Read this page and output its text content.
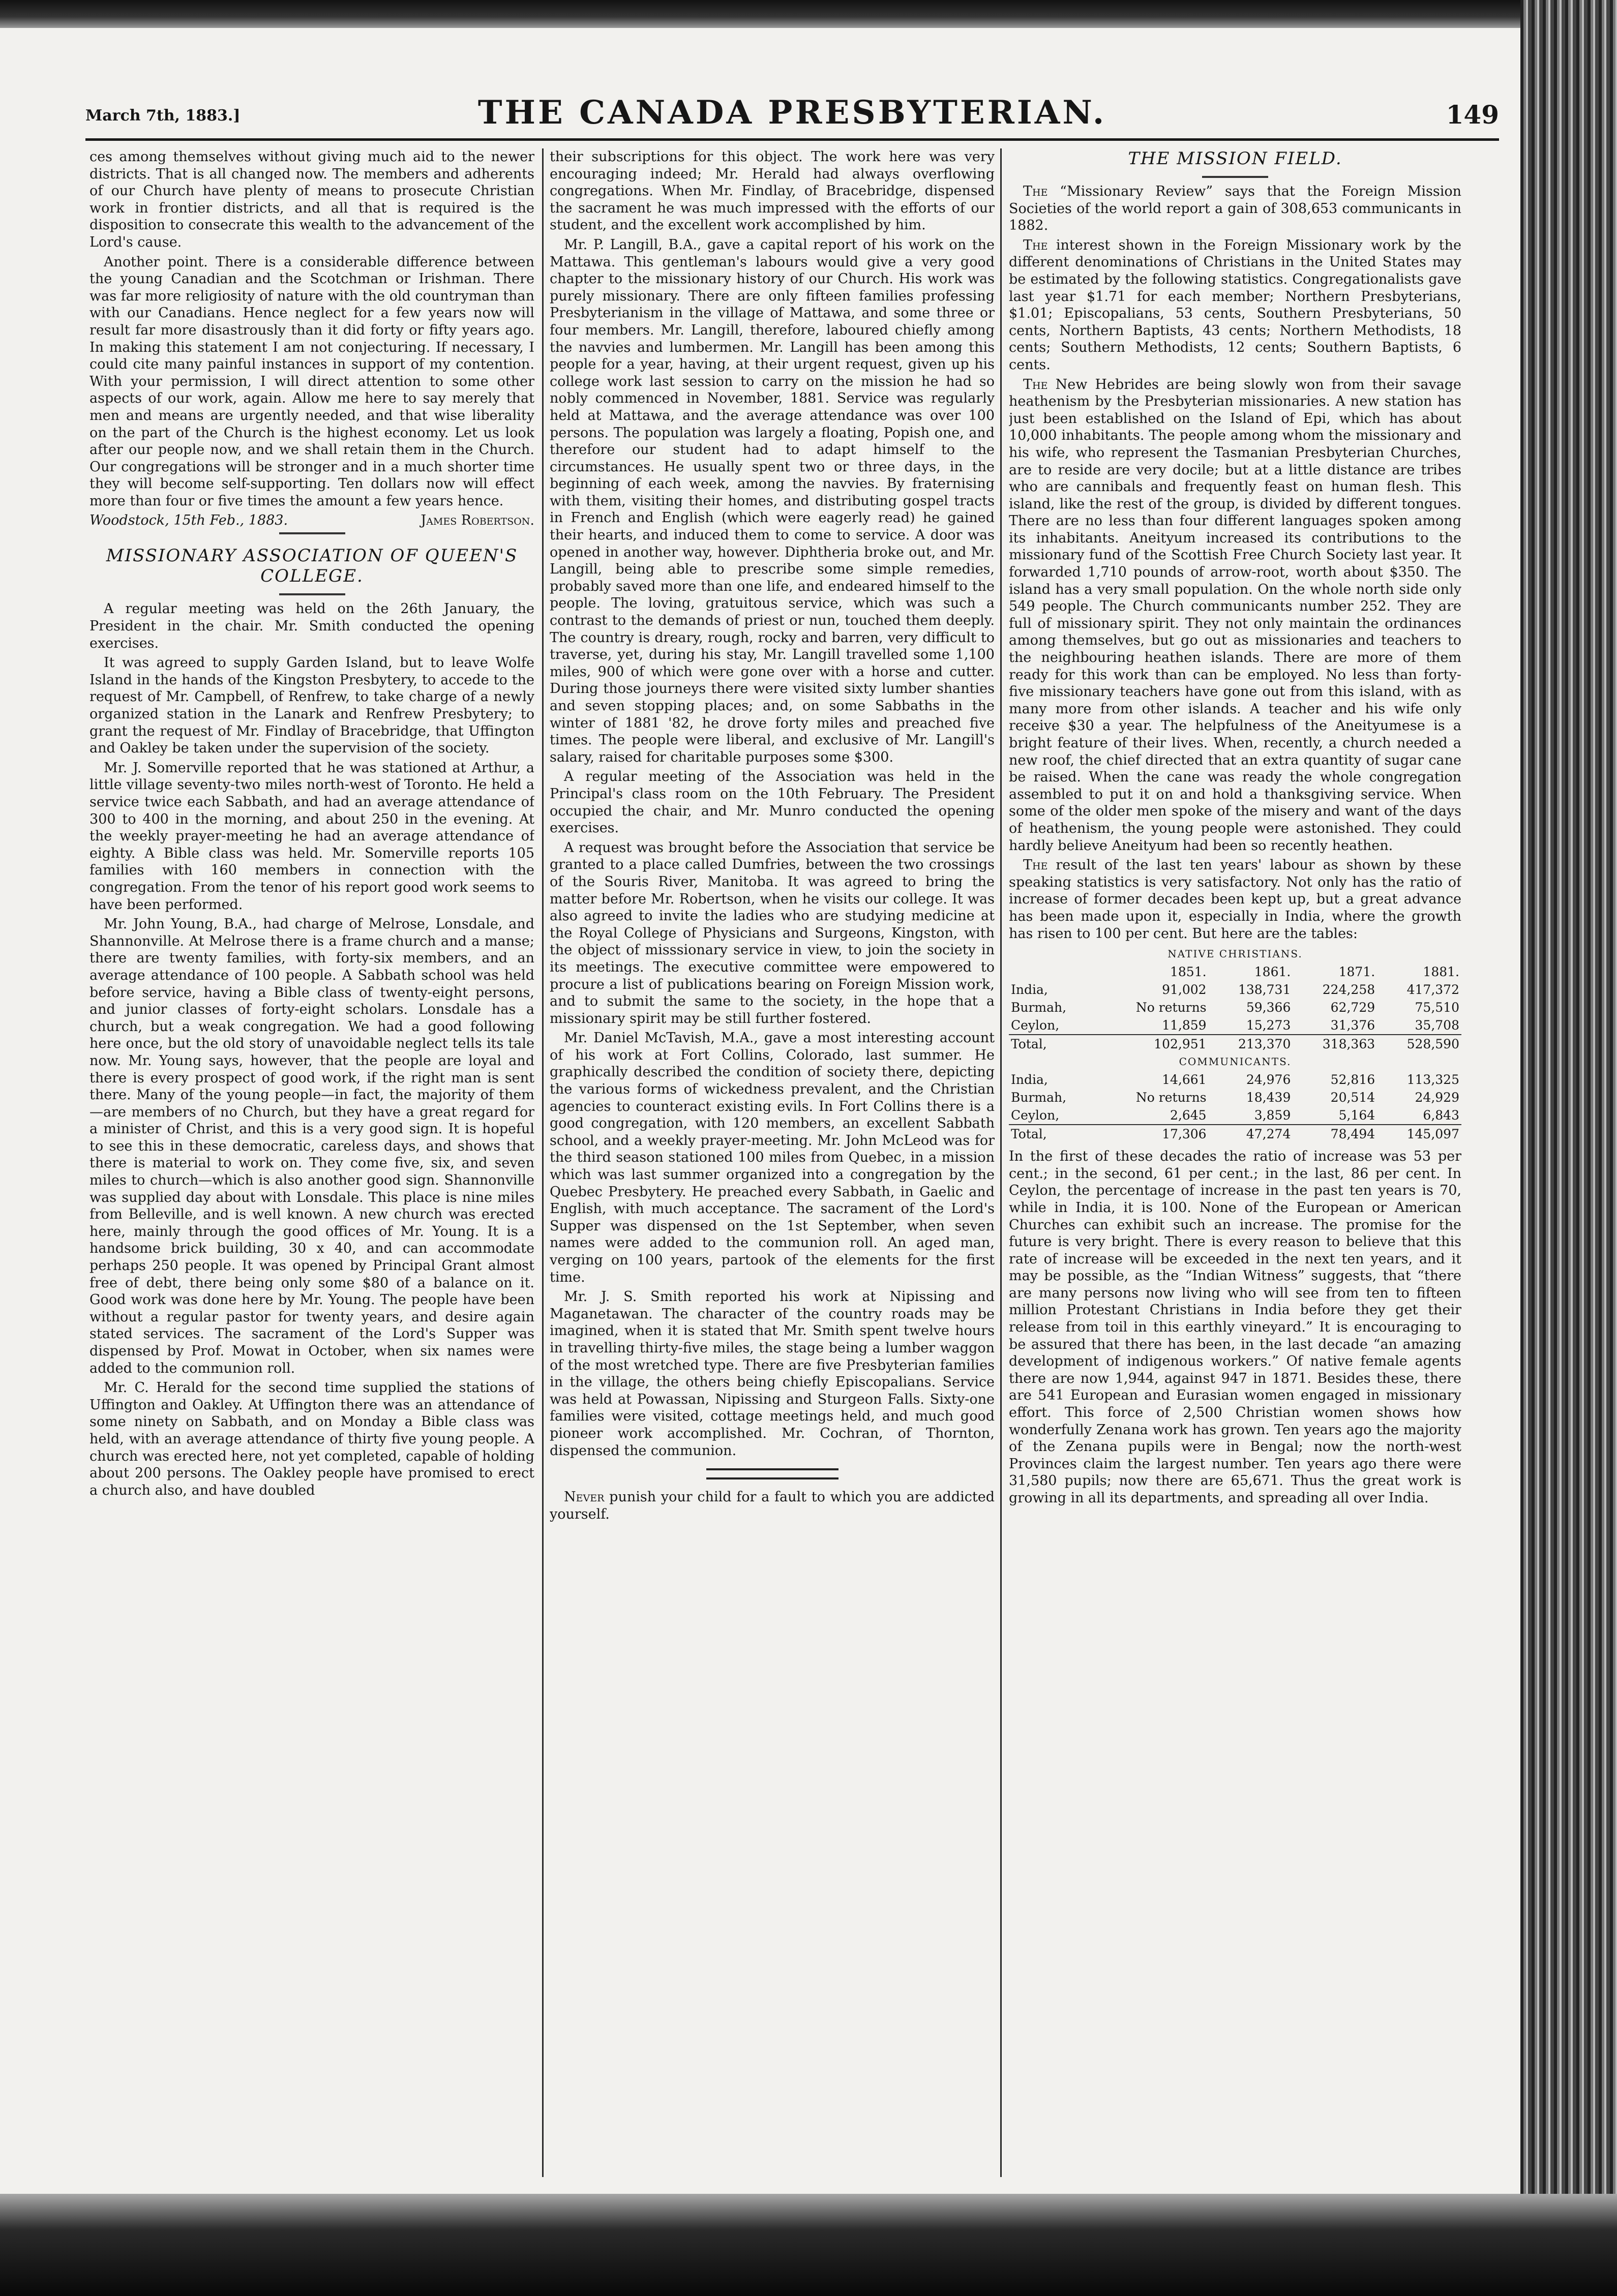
March 7th, 1883.]	THE CANADA PRESBYTERIAN.	149

ces among themselves without giving much aid to the newer districts. That is all changed now. The members and adherents of our Church have plenty of means to prosecute Christian work in frontier districts, and all that is required is the disposition to consecrate this wealth to the advancement of the Lord's cause.

Another point. There is a considerable difference between the young Canadian and the Scotchman or Irishman. There was far more religiosity of nature with the old countryman than with our Canadians. Hence neglect for a few years now will result far more disastrously than it did forty or fifty years ago. In making this statement I am not conjecturing. If necessary, I could cite many painful instances in support of my contention. With your permission, I will direct attention to some other aspects of our work, again. Allow me here to say merely that men and means are urgently needed, and that wise liberality on the part of the Church is the highest economy. Let us look after our people now, and we shall retain them in the Church. Our congregations will be stronger and in a much shorter time they will become self-supporting. Ten dollars now will effect more than four or five times the amount a few years hence.

Woodstock, 15th Feb., 1883.	James Robertson.
MISSIONARY ASSOCIATION OF QUEEN'S COLLEGE.

A regular meeting was held on the 26th January, the President in the chair. Mr. Smith conducted the opening exercises.

It was agreed to supply Garden Island, but to leave Wolfe Island in the hands of the Kingston Presbytery, to accede to the request of Mr. Campbell, of Renfrew, to take charge of a newly organized station in the Lanark and Renfrew Presbytery; to grant the request of Mr. Findlay of Bracebridge, that Uffington and Oakley be taken under the supervision of the society.

Mr. J. Somerville reported that he was stationed at Arthur, a little village seventy-two miles north-west of Toronto. He held a service twice each Sabbath, and had an average attendance of 300 to 400 in the morning, and about 250 in the evening. At the weekly prayer-meeting he had an average attendance of eighty. A Bible class was held. Mr. Somerville reports 105 families with 160 members in connection with the congregation. From the tenor of his report good work seems to have been performed.

Mr. John Young, B.A., had charge of Melrose, Lonsdale, and Shannonville. At Melrose there is a frame church and a manse; there are twenty families, with forty-six members, and an average attendance of 100 people. A Sabbath school was held before service, having a Bible class of twenty-eight persons, and junior classes of forty-eight scholars. Lonsdale has a church, but a weak congregation. We had a good following here once, but the old story of unavoidable neglect tells its tale now. Mr. Young says, however, that the people are loyal and there is every prospect of good work, if the right man is sent there. Many of the young people—in fact, the majority of them—are members of no Church, but they have a great regard for a minister of Christ, and this is a very good sign. It is hopeful to see this in these democratic, careless days, and shows that there is material to work on. They come five, six, and seven miles to church—which is also another good sign. Shannonville was supplied day about with Lonsdale. This place is nine miles from Belleville, and is well known. A new church was erected here, mainly through the good offices of Mr. Young. It is a handsome brick building, 30 x 40, and can accommodate perhaps 250 people. It was opened by Principal Grant almost free of debt, there being only some $80 of a balance on it. Good work was done here by Mr. Young. The people have been without a regular pastor for twenty years, and desire again stated services. The sacrament of the Lord's Supper was dispensed by Prof. Mowat in October, when six names were added to the communion roll.

Mr. C. Herald for the second time supplied the stations of Uffington and Oakley. At Uffington there was an attendance of some ninety on Sabbath, and on Monday a Bible class was held, with an average attendance of thirty five young people. A church was erected here, not yet completed, capable of holding about 200 persons. The Oakley people have promised to erect a church also, and have doubled

their subscriptions for this object. The work here was very encouraging indeed; Mr. Herald had always overflowing congregations. When Mr. Findlay, of Bracebridge, dispensed the sacrament he was much impressed with the efforts of our student, and the excellent work accomplished by him.

Mr. P. Langill, B.A., gave a capital report of his work on the Mattawa. This gentleman's labours would give a very good chapter to the missionary history of our Church. His work was purely missionary. There are only fifteen families professing Presbyterianism in the village of Mattawa, and some three or four members. Mr. Langill, therefore, laboured chiefly among the navvies and lumbermen. Mr. Langill has been among this people for a year, having, at their urgent request, given up his college work last session to carry on the mission he had so nobly commenced in November, 1881. Service was regularly held at Mattawa, and the average attendance was over 100 persons. The population was largely a floating, Popish one, and therefore our student had to adapt himself to the circumstances. He usually spent two or three days, in the beginning of each week, among the navvies. By fraternising with them, visiting their homes, and distributing gospel tracts in French and English (which were eagerly read) he gained their hearts, and induced them to come to service. A door was opened in another way, however. Diphtheria broke out, and Mr. Langill, being able to prescribe some simple remedies, probably saved more than one life, and endeared himself to the people. The loving, gratuitous service, which was such a contrast to the demands of priest or nun, touched them deeply. The country is dreary, rough, rocky and barren, very difficult to traverse, yet, during his stay, Mr. Langill travelled some 1,100 miles, 900 of which were gone over with a horse and cutter. During those journeys there were visited sixty lumber shanties and seven stopping places; and, on some Sabbaths in the winter of 1881 '82, he drove forty miles and preached five times. The people were liberal, and exclusive of Mr. Langill's salary, raised for charitable purposes some $300.

A regular meeting of the Association was held in the Principal's class room on the 10th February. The President occupied the chair, and Mr. Munro conducted the opening exercises.

A request was brought before the Association that service be granted to a place called Dumfries, between the two crossings of the Souris River, Manitoba. It was agreed to bring the matter before Mr. Robertson, when he visits our college. It was also agreed to invite the ladies who are studying medicine at the Royal College of Physicians and Surgeons, Kingston, with the object of misssionary service in view, to join the society in its meetings. The executive committee were empowered to procure a list of publications bearing on Foreign Mission work, and to submit the same to the society, in the hope that a missionary spirit may be still further fostered.

Mr. Daniel McTavish, M.A., gave a most interesting account of his work at Fort Collins, Colorado, last summer. He graphically described the condition of society there, depicting the various forms of wickedness prevalent, and the Christian agencies to counteract existing evils. In Fort Collins there is a good congregation, with 120 members, an excellent Sabbath school, and a weekly prayer-meeting. Mr. John McLeod was for the third season stationed 100 miles from Quebec, in a mission which was last summer organized into a congregation by the Quebec Presbytery. He preached every Sabbath, in Gaelic and English, with much acceptance. The sacrament of the Lord's Supper was dispensed on the 1st September, when seven names were added to the communion roll. An aged man, verging on 100 years, partook of the elements for the first time.

Mr. J. S. Smith reported his work at Nipissing and Maganetawan. The character of the country roads may be imagined, when it is stated that Mr. Smith spent twelve hours in travelling thirty-five miles, the stage being a lumber waggon of the most wretched type. There are five Presbyterian families in the village, the others being chiefly Episcopalians. Service was held at Powassan, Nipissing and Sturgeon Falls. Sixty-one families were visited, cottage meetings held, and much good pioneer work accomplished. Mr. Cochran, of Thornton, dispensed the communion.

Never punish your child for a fault to which you are addicted yourself.

THE MISSION FIELD.

The “Missionary Review” says that the Foreign Mission Societies of the world report a gain of 308,653 communicants in 1882.

The interest shown in the Foreign Missionary work by the different denominations of Christians in the United States may be estimated by the following statistics. Congregationalists gave last year $1.71 for each member; Northern Presbyterians, $1.01; Episcopalians, 53 cents, Southern Presbyterians, 50 cents, Northern Baptists, 43 cents; Northern Methodists, 18 cents; Southern Methodists, 12 cents; Southern Baptists, 6 cents.

The New Hebrides are being slowly won from their savage heathenism by the Presbyterian missionaries. A new station has just been established on the Island of Epi, which has about 10,000 inhabitants. The people among whom the missionary and his wife, who represent the Tasmanian Presbyterian Churches, are to reside are very docile; but at a little distance are tribes who are cannibals and frequently feast on human flesh. This island, like the rest of the group, is divided by different tongues. There are no less than four different languages spoken among its inhabitants. Aneityum increased its contributions to the missionary fund of the Scottish Free Church Society last year. It forwarded 1,710 pounds of arrow-root, worth about $350. The island has a very small population. On the whole north side only 549 people. The Church communicants number 252. They are full of missionary spirit. They not only maintain the ordinances among themselves, but go out as missionaries and teachers to the neighbouring heathen islands. There are more of them ready for this work than can be employed. No less than forty-five missionary teachers have gone out from this island, with as many more from other islands. A teacher and his wife only receive $30 a year. The helpfulness of the Aneityumese is a bright feature of their lives. When, recently, a church needed a new roof, the chief directed that an extra quantity of sugar cane be raised. When the cane was ready the whole congregation assembled to put it on and hold a thanksgiving service. When some of the older men spoke of the misery and want of the days of heathenism, the young people were astonished. They could hardly believe Aneityum had been so recently heathen.

The result of the last ten years' labour as shown by these speaking statistics is very satisfactory. Not only has the ratio of increase of former decades been kept up, but a great advance has been made upon it, especially in India, where the growth has risen to 100 per cent. But here are the tables:

NATIVE CHRISTIANS.				
	1851.	1861.	1871.	1881.
India,	91,002	138,731	224,258	417,372
Burmah,	No returns	59,366	62,729	75,510
Ceylon,	11,859	15,273	31,376	35,708
Total,	102,951	213,370	318,363	528,590
COMMUNICANTS.				
India,	14,661	24,976	52,816	113,325
Burmah,	No returns	18,439	20,514	24,929
Ceylon,	2,645	3,859	5,164	6,843
Total,	17,306	47,274	78,494	145,097

In the first of these decades the ratio of increase was 53 per cent.; in the second, 61 per cent.; in the last, 86 per cent. In Ceylon, the percentage of increase in the past ten years is 70, while in India, it is 100. None of the European or American Churches can exhibit such an increase. The promise for the future is very bright. There is every reason to believe that this rate of increase will be exceeded in the next ten years, and it may be possible, as the “Indian Witness” suggests, that “there are many persons now living who will see from ten to fifteen million Protestant Christians in India before they get their release from toil in this earthly vineyard.” It is encouraging to be assured that there has been, in the last decade “an amazing development of indigenous workers.” Of native female agents there are now 1,944, against 947 in 1871. Besides these, there are 541 European and Eurasian women engaged in missionary effort. This force of 2,500 Christian women shows how wonderfully Zenana work has grown. Ten years ago the majority of the Zenana pupils were in Bengal; now the north-west Provinces claim the largest number. Ten years ago there were 31,580 pupils; now there are 65,671. Thus the great work is growing in all its departments, and spreading all over India.
